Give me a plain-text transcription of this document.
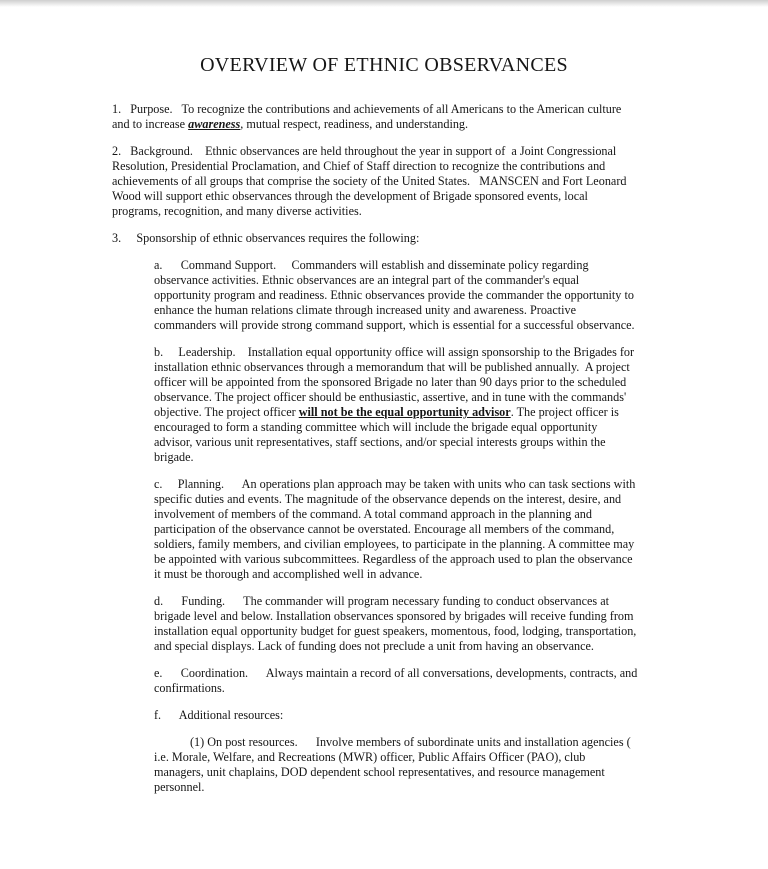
OVERVIEW OF ETHNIC OBSERVANCES
1.   Purpose.   To recognize the contributions and achievements of all Americans to the American culture
and to increase awareness, mutual respect, readiness, and understanding.
2.   Background.    Ethnic observances are held throughout the year in support of  a Joint Congressional
Resolution, Presidential Proclamation, and Chief of Staff direction to recognize the contributions and
achievements of all groups that comprise the society of the United States.   MANSCEN and Fort Leonard
Wood will support ethic observances through the development of Brigade sponsored events, local
programs, recognition, and many diverse activities.
3.     Sponsorship of ethnic observances requires the following:
a.      Command Support.     Commanders will establish and disseminate policy regarding
observance activities. Ethnic observances are an integral part of the commander's equal
opportunity program and readiness. Ethnic observances provide the commander the opportunity to
enhance the human relations climate through increased unity and awareness. Proactive
commanders will provide strong command support, which is essential for a successful observance.
b.     Leadership.    Installation equal opportunity office will assign sponsorship to the Brigades for
installation ethnic observances through a memorandum that will be published annually.  A project
officer will be appointed from the sponsored Brigade no later than 90 days prior to the scheduled
observance. The project officer should be enthusiastic, assertive, and in tune with the commands'
objective. The project officer will not be the equal opportunity advisor. The project officer is
encouraged to form a standing committee which will include the brigade equal opportunity
advisor, various unit representatives, staff sections, and/or special interests groups within the
brigade.
c.     Planning.      An operations plan approach may be taken with units who can task sections with
specific duties and events. The magnitude of the observance depends on the interest, desire, and
involvement of members of the command. A total command approach in the planning and
participation of the observance cannot be overstated. Encourage all members of the command,
soldiers, family members, and civilian employees, to participate in the planning. A committee may
be appointed with various subcommittees. Regardless of the approach used to plan the observance
it must be thorough and accomplished well in advance.
d.      Funding.      The commander will program necessary funding to conduct observances at
brigade level and below. Installation observances sponsored by brigades will receive funding from
installation equal opportunity budget for guest speakers, momentous, food, lodging, transportation,
and special displays. Lack of funding does not preclude a unit from having an observance.
e.      Coordination.      Always maintain a record of all conversations, developments, contracts, and
confirmations.
f.      Additional resources:
(1) On post resources.      Involve members of subordinate units and installation agencies (
i.e. Morale, Welfare, and Recreations (MWR) officer, Public Affairs Officer (PAO), club
managers, unit chaplains, DOD dependent school representatives, and resource management
personnel.
